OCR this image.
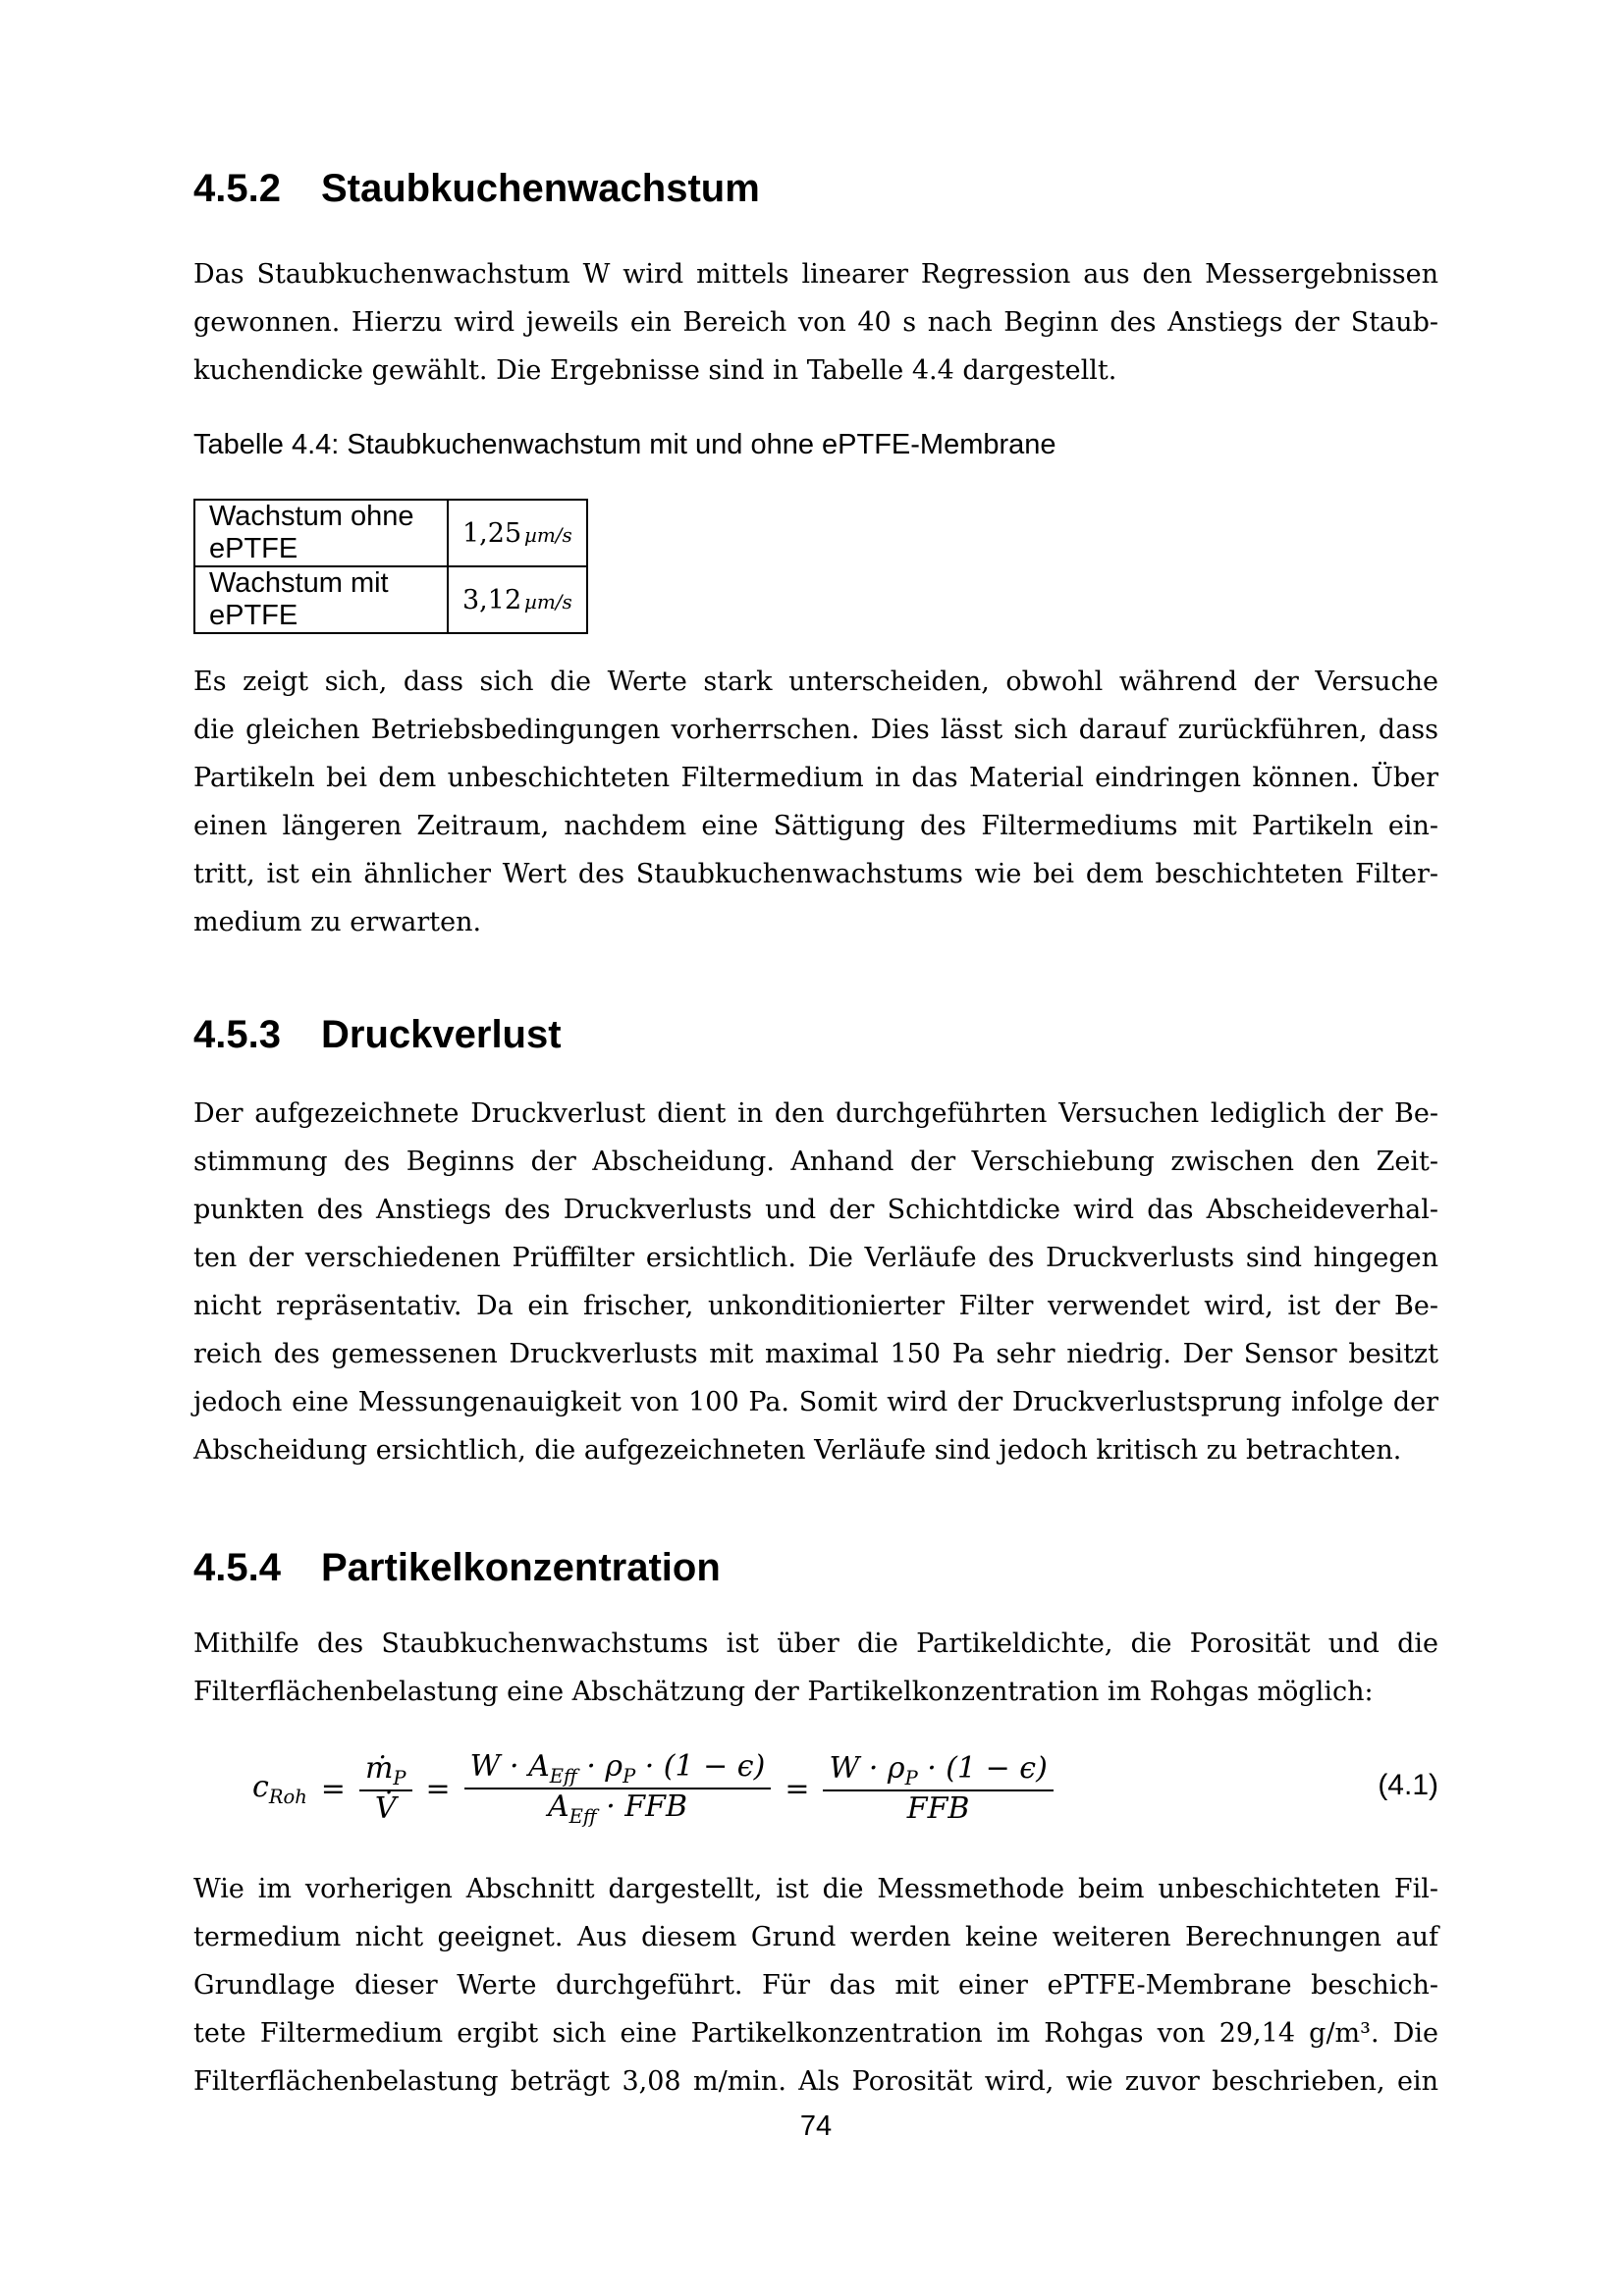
4.5.2 Staubkuchenwachstum

Das Staubkuchenwachstum W wird mittels linearer Regression aus den Messergebnissen
gewonnen. Hierzu wird jeweils ein Bereich von 40 s nach Beginn des Anstiegs der Staub-
kuchendicke gewählt. Die Ergebnisse sind in Tabelle 4.4 dargestellt.

Tabelle 4.4: Staubkuchenwachstum mit und ohne ePTFE-Membrane
Wachstum ohne ePTFE	1,25  µm/s
Wachstum mit ePTFE	3,12  µm/s

Es zeigt sich, dass sich die Werte stark unterscheiden, obwohl während der Versuche
die gleichen Betriebsbedingungen vorherrschen. Dies lässt sich darauf zurückführen, dass
Partikeln bei dem unbeschichteten Filtermedium in das Material eindringen können. Über
einen längeren Zeitraum, nachdem eine Sättigung des Filtermediums mit Partikeln ein-
tritt, ist ein ähnlicher Wert des Staubkuchenwachstums wie bei dem beschichteten Filter-
medium zu erwarten.

4.5.3 Druckverlust

Der aufgezeichnete Druckverlust dient in den durchgeführten Versuchen lediglich der Be-
stimmung des Beginns der Abscheidung. Anhand der Verschiebung zwischen den Zeit-
punkten des Anstiegs des Druckverlusts und der Schichtdicke wird das Abscheideverhal-
ten der verschiedenen Prüffilter ersichtlich. Die Verläufe des Druckverlusts sind hingegen
nicht repräsentativ. Da ein frischer, unkonditionierter Filter verwendet wird, ist der Be-
reich des gemessenen Druckverlusts mit maximal 150 Pa sehr niedrig. Der Sensor besitzt
jedoch eine Messungenauigkeit von 100 Pa. Somit wird der Druckverlustsprung infolge der
Abscheidung ersichtlich, die aufgezeichneten Verläufe sind jedoch kritisch zu betrachten.

4.5.4 Partikelkonzentration

Mithilfe des Staubkuchenwachstums ist über die Partikeldichte, die Porosität und die
Filterflächenbelastung eine Abschätzung der Partikelkonzentration im Rohgas möglich:

$c_{Roh} = \frac{ṁ_P}{V̇} = \frac{W \cdot A_{Eff} \cdot \rho_P \cdot (1 - \epsilon)}{A_{Eff} \cdot FFB} = \frac{W \cdot \rho_P \cdot (1 - \epsilon)}{\text{FFB}}$	(4.1)

Wie im vorherigen Abschnitt dargestellt, ist die Messmethode beim unbeschichteten Fil-
termedium nicht geeignet. Aus diesem Grund werden keine weiteren Berechnungen auf
Grundlage dieser Werte durchgeführt. Für das mit einer ePTFE-Membrane beschich-
tete Filtermedium ergibt sich eine Partikelkonzentration im Rohgas von 29,14 g/m³. Die
Filterflächenbelastung beträgt 3,08 m/min. Als Porosität wird, wie zuvor beschrieben, ein

74
